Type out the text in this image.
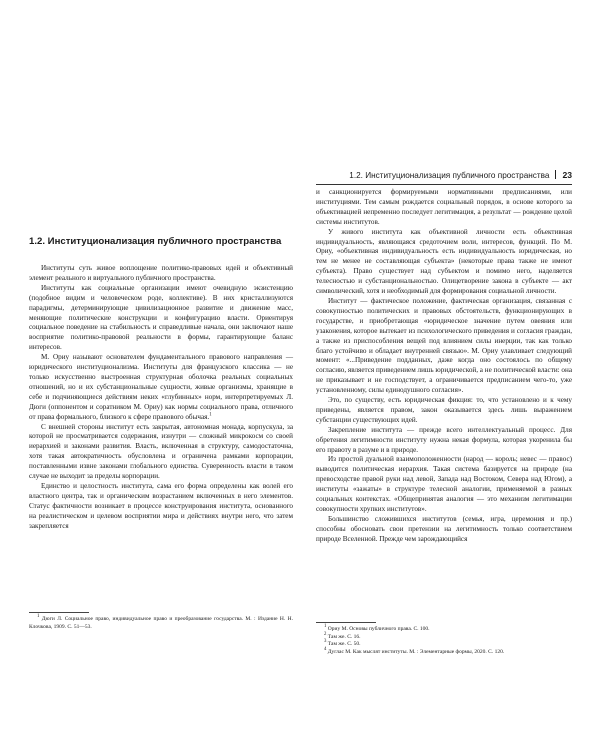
1.2. Институционализация публичного пространства 23
1.2. Институционализация публичного пространства

Институты суть живое воплощение политико-правовых идей и объективный элемент реального и виртуального публичного пространства.

Институты как социальные организации имеют очевидную экзистенцию (подобное видим и человеческом роде, коллективе). В них кристаллизуются парадигмы, детерминирующие цивилизационное развитие и движение масс, меняющие политические конструкции и конфигурацию власти. Ориентируя социальное поведение на стабильность и справедливые начала, они заключают наше восприятие политико-правовой реальности в формы, гарантирующие баланс интересов.

М. Ориу называют основателем фундаментального правового направления — юридического институционализма. Институты для французского классика — не только искусственно выстроенная структурная оболочка реальных социальных отношений, но и их субстанциональные сущности, живые организмы, хранящие в себе и подчиняющиеся действиям неких «глубинных» норм, интерпретируемых Л. Дюги (оппонентом и соратником М. Ориу) как нормы социального права, отличного от права формального, близкого к сфере правового обычая.$^1$

С внешней стороны институт есть закрытая, автономная монада, корпускула, за которой не просматривается содержания, изнутри — сложный микрокосм со своей иерархией и законами развития. Власть, включенная в структуру, самодостаточна, хотя такая автократичность обусловлена и ограничена рамками корпорации, поставленными извне законами глобального единства. Суверенность власти в таком случае не выходит за пределы корпорации.

Единство и целостность института, сама его форма определены как волей его властного центра, так и органическим возрастанием включенных в него элементов. Статус фактичности возникает в процессе конструирования института, основанного на реалистическом и целевом восприятии мира и действиях внутри него, что затем закрепляется

$^1$ Дюги Л. Социальное право, индивидуальное право и преобразование государства. М. : Издание Н. Н. Клочкова, 1909. С. 51—53.

и санкционируется формируемыми нормативными предписаниями, или институциями. Тем самым рождается социальный порядок, в основе которого за объективацией непременно последует легитимация, а результат — рождение целой системы институтов.

У живого института как объективной личности есть объективная индивидуальность, являющаяся средоточием воли, интересов, функций. По М. Ориу, «объективная индивидуальность есть индивидуальность юридическая, но тем не менее не составляющая субъекта» (некоторые права также не имеют субъекта). Право существует над субъектом и помимо него, наделяется телесностью и субстанциональностью. Олицетворение закона в субъекте — акт символический, хотя и необходимый для формирования социальной личности.

Институт — фактическое положение, фактическая организация, связанная с совокупностью политических и правовых обстоятельств, функционирующих в государстве, и приобретающая «юридическое значение путем овеяния или узаконения, которое вытекает из психологического приведения и согласия граждан, а также из приспособления вещей под влиянием силы инерции, так как только благо устойчиво и обладает внутренней связью». М. Ориу улавливает следующий момент: «...Приведение подданных, даже когда оно состоялось по общему согласию, является приведением лишь юридической, а не политической власти: она не приказывает и не господствует, а ограничивается предписанием чего-то, уже установленному, силы единодушного согласия».

Это, по существу, есть юридическая фикция: то, что установлено и к чему приведены, является правом, закон оказывается здесь лишь выражением субстанции существующих идей.

Закрепление института — прежде всего интеллектуальный процесс. Для обретения легитимности институту нужна некая формула, которая укоренила бы его правоту в разуме и в природе.

Из простой дуальной взаимоположенности (народ — король; невес — правос) выводится политическая иерархия. Такая система базируется на природе (на превосходстве правой руки над левой, Запада над Востоком, Севера над Югом), а институты «зажаты» в структуре телесной аналогии, применяемой в разных социальных контекстах. «Общепринятая аналогия — это механизм легитимации совокупности хрупких институтов».

Большинство сложившихся институтов (семья, игра, церемония и пр.) способны обосновать свои претензии на легитимность только соответствием природе Вселенной. Прежде чем зарождающийся

$^1$ Ориу М. Основы публичного права. С. 100.

$^2$ Там же. С. 16.

$^3$ Там же. С. 50.

$^4$ Дуглас М. Как мыслят институты. М. : Элементарные формы, 2020. С. 120.
